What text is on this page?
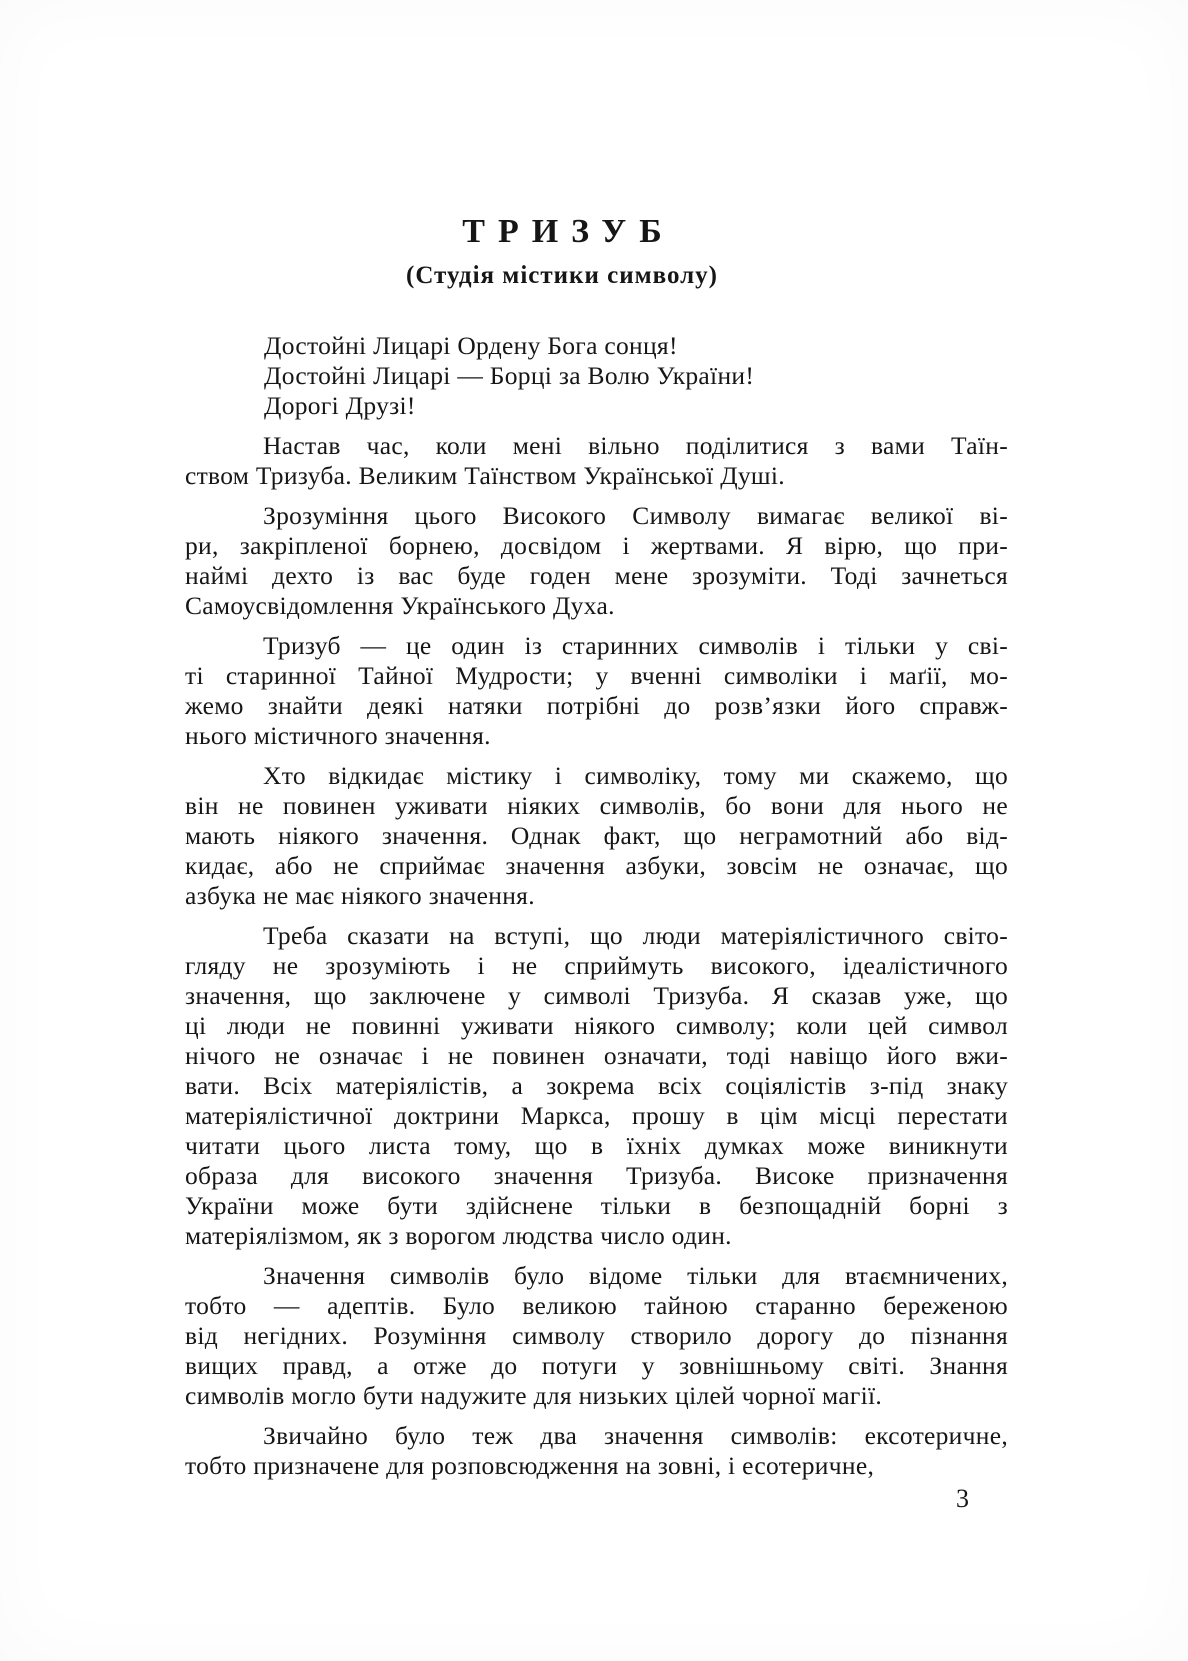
ТРИЗУБ
(Студія містики символу)
Достойні Лицарі Ордену Бога сонця!
Достойні Лицарі — Борці за Волю України!
Дорогі Друзі!
Настав час, коли мені вільно поділитися з вами Таїн-
ством Тризуба. Великим Таїнством Української Душі.
Зрозуміння цього Високого Символу вимагає великої ві-
ри, закріпленої борнею, досвідом і жертвами. Я вірю, що при-
наймі дехто із вас буде годен мене зрозуміти. Тоді зачнеться
Самоусвідомлення Українського Духа.
Тризуб — це один із старинних символів і тільки у сві-
ті старинної Тайної Мудрости; у вченні символіки і маґії, мо-
жемо знайти деякі натяки потрібні до розв’язки його справж-
нього містичного значення.
Хто відкидає містику і символіку, тому ми скажемо, що
він не повинен уживати ніяких символів, бо вони для нього не
мають ніякого значення. Однак факт, що неграмотний або від-
кидає, або не сприймає значення азбуки, зовсім не означає, що
азбука не має ніякого значення.
Треба сказати на вступі, що люди матеріялістичного світо-
гляду не зрозуміють і не сприймуть високого, ідеалістичного
значення, що заключене у символі Тризуба. Я сказав уже, що
ці люди не повинні уживати ніякого символу; коли цей символ
нічого не означає і не повинен означати, тоді навіщо його вжи-
вати. Всіх матеріялістів, а зокрема всіх соціялістів з-під знаку
матеріялістичної доктрини Маркса, прошу в цім місці перестати
читати цього листа тому, що в їхніх думках може виникнути
образа для високого значення Тризуба. Високе призначення
України може бути здійснене тільки в безпощадній борні з
матеріялізмом, як з ворогом людства число один.
Значення символів було відоме тільки для втаємничених,
тобто — адептів. Було великою тайною старанно береженою
від негідних. Розуміння символу створило дорогу до пізнання
вищих правд, а отже до потуги у зовнішньому світі. Знання
символів могло бути надужите для низьких цілей чорної магії.
Звичайно було теж два значення символів: ексотеричне,
тобто призначене для розповсюдження на зовні, і есотеричне,
3
